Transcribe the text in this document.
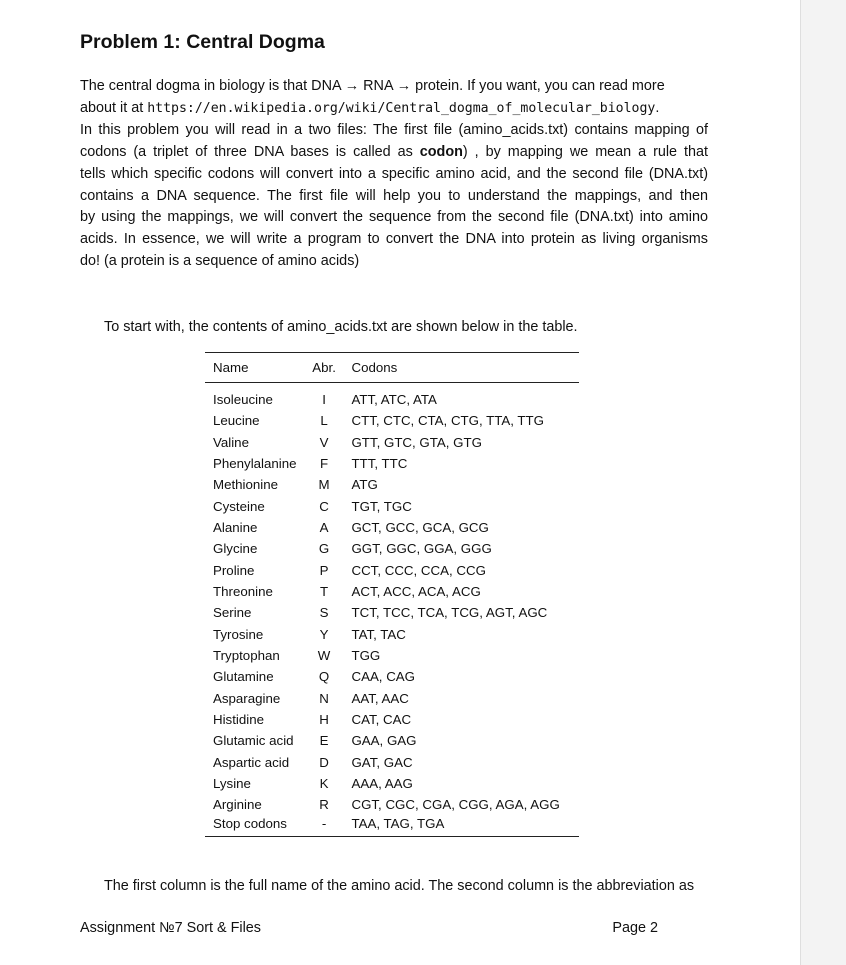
Problem 1: Central Dogma
The central dogma in biology is that DNA → RNA → protein. If you want, you can read more
about it at https://en.wikipedia.org/wiki/Central_dogma_of_molecular_biology.
In this problem you will read in a two files: The first file (amino_acids.txt) contains mapping of
codons (a triplet of three DNA bases is called as codon) , by mapping we mean a rule that
tells which specific codons will convert into a specific amino acid, and the second file (DNA.txt)
contains a DNA sequence. The first file will help you to understand the mappings, and then
by using the mappings, we will convert the sequence from the second file (DNA.txt) into amino
acids. In essence, we will write a program to convert the DNA into protein as living organisms
do! (a protein is a sequence of amino acids)
To start with, the contents of amino_acids.txt are shown below in the table.
Name	Abr.	Codons
Isoleucine	I	ATT, ATC, ATA
Leucine	L	CTT, CTC, CTA, CTG, TTA, TTG
Valine	V	GTT, GTC, GTA, GTG
Phenylalanine	F	TTT, TTC
Methionine	M	ATG
Cysteine	C	TGT, TGC
Alanine	A	GCT, GCC, GCA, GCG
Glycine	G	GGT, GGC, GGA, GGG
Proline	P	CCT, CCC, CCA, CCG
Threonine	T	ACT, ACC, ACA, ACG
Serine	S	TCT, TCC, TCA, TCG, AGT, AGC
Tyrosine	Y	TAT, TAC
Tryptophan	W	TGG
Glutamine	Q	CAA, CAG
Asparagine	N	AAT, AAC
Histidine	H	CAT, CAC
Glutamic acid	E	GAA, GAG
Aspartic acid	D	GAT, GAC
Lysine	K	AAA, AAG
Arginine	R	CGT, CGC, CGA, CGG, AGA, AGG
Stop codons	-	TAA, TAG, TGA
The first column is the full name of the amino acid. The second column is the abbreviation as
Assignment №7 Sort & Files	Page 2
